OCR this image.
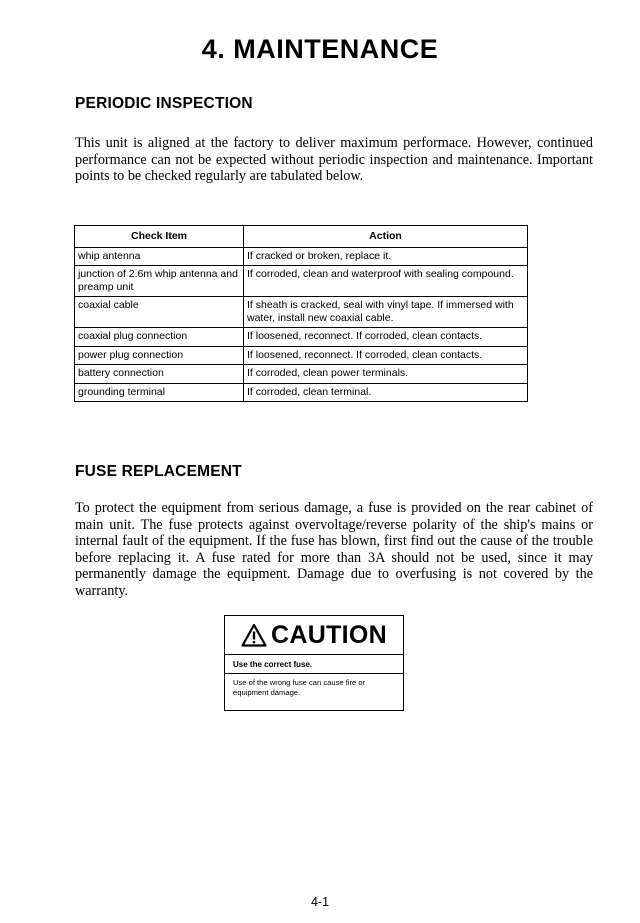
4. MAINTENANCE
PERIODIC INSPECTION
This unit is aligned at the factory to deliver maximum performace. However, continued performance can not be expected without periodic inspection and maintenance. Important points to be checked regularly are tabulated below.
Check Item	Action
whip antenna	If cracked or broken, replace it.
junction of 2.6m whip antenna and preamp unit	If corroded, clean and waterproof with sealing compound.
coaxial cable	If sheath is cracked, seal with vinyl tape. If immersed with water, install new coaxial cable.
coaxial plug connection	If loosened, reconnect. If corroded, clean contacts.
power plug connection	If loosened, reconnect. If corroded, clean contacts.
battery connection	If corroded, clean power terminals.
grounding terminal	If corroded, clean terminal.
FUSE REPLACEMENT
To protect the equipment from serious damage, a fuse is provided on the rear cabinet of main unit. The fuse protects against overvoltage/reverse polarity of the ship's mains or internal fault of the equipment. If the fuse has blown, first find out the cause of the trouble before replacing it. A fuse rated for more than 3A should not be used, since it may permanently damage the equipment. Damage due to overfusing is not covered by the warranty.
CAUTION
Use the correct fuse.
Use of the wrong fuse can cause fire or equipment damage.
4-1
